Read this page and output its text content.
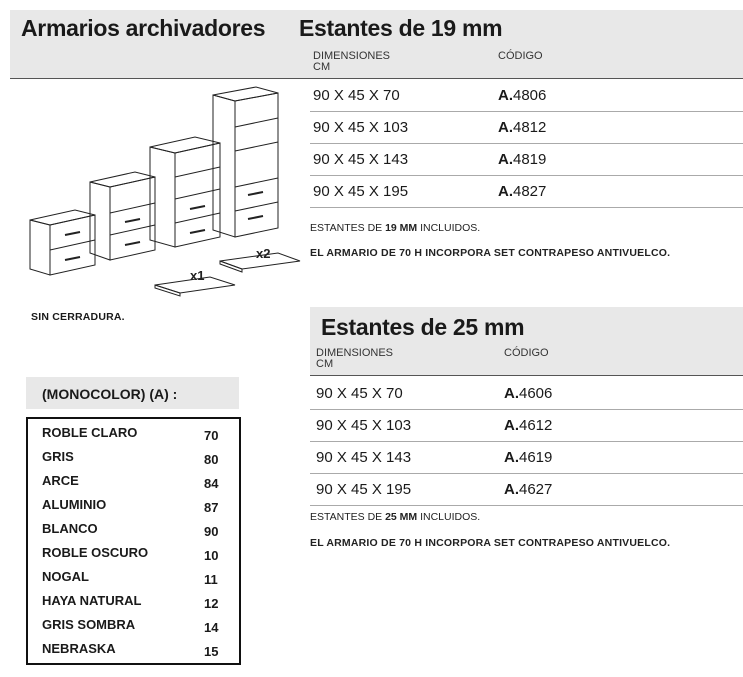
Armarios archivadores Estantes de 19 mm
DIMENSIONES
CM
CÓDIGO
90 X 45 X 70	A.4806
90 X 45 X 103	A.4812
90 X 45 X 143	A.4819
90 X 45 X 195	A.4827
ESTANTES DE 19 MM INCLUIDOS.
EL ARMARIO DE 70 H INCORPORA SET CONTRAPESO ANTIVUELCO.
x1
x2
SIN CERRADURA.	Estantes de 25 mm
DIMENSIONES
CM
CÓDIGO
90 X 45 X 70	A.4606
90 X 45 X 103	A.4612
90 X 45 X 143	A.4619
90 X 45 X 195	A.4627
ESTANTES DE 25 MM INCLUIDOS.
EL ARMARIO DE 70 H INCORPORA SET CONTRAPESO ANTIVUELCO.
(MONOCOLOR) (A) :
ROBLE CLARO	70
GRIS	80
ARCE	84
ALUMINIO	87
BLANCO	90
ROBLE OSCURO	10
NOGAL	11
HAYA NATURAL	12
GRIS SOMBRA	14
NEBRASKA	15
